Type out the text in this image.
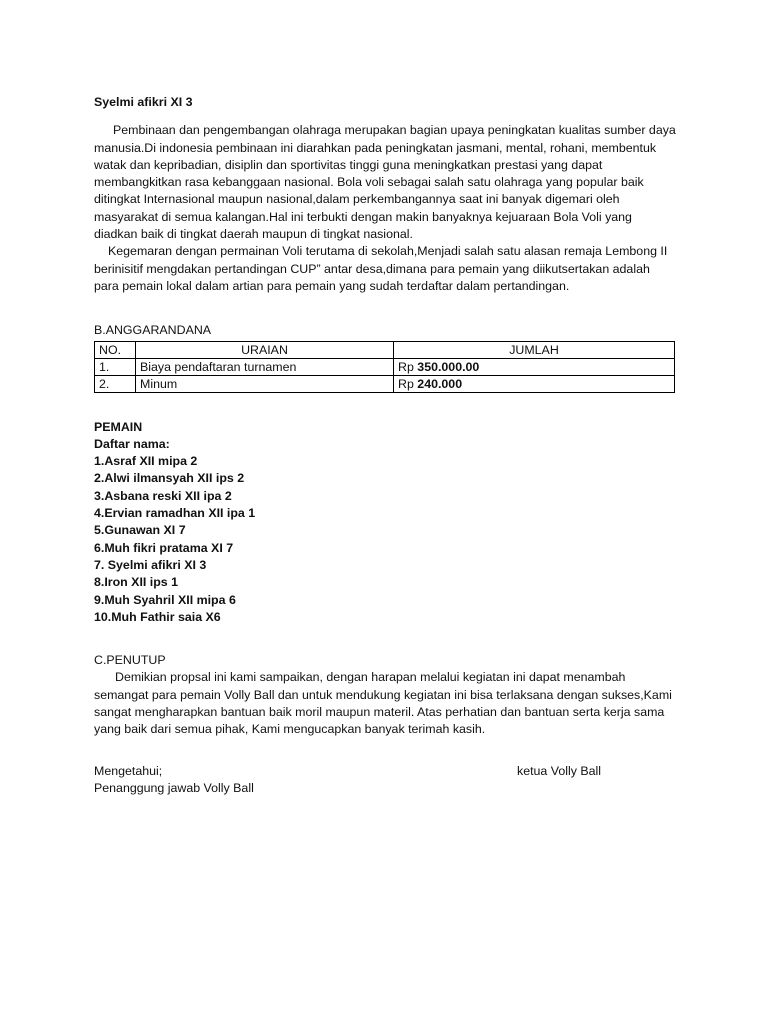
Syelmi afikri XI 3

Pembinaan dan pengembangan olahraga merupakan bagian upaya peningkatan kualitas sumber daya manusia.Di indonesia pembinaan ini diarahkan pada peningkatan jasmani, mental, rohani, membentuk watak dan kepribadian, disiplin dan sportivitas tinggi guna meningkatkan prestasi yang dapat membangkitkan rasa kebanggaan nasional. Bola voli sebagai salah satu olahraga yang popular baik ditingkat Internasional maupun nasional,dalam perkembangannya saat ini banyak digemari oleh masyarakat di semua kalangan.Hal ini terbukti dengan makin banyaknya kejuaraan Bola Voli yang diadkan baik di tingkat daerah maupun di tingkat nasional.

Kegemaran dengan permainan Voli terutama di sekolah,Menjadi salah satu alasan remaja Lembong II berinisitif mengdakan pertandingan CUP” antar desa,dimana para pemain yang diikutsertakan adalah para pemain lokal dalam artian para pemain yang sudah terdaftar dalam pertandingan.

B.ANGGARANDANA
NO.	URAIAN	JUMLAH
1.	Biaya pendaftaran turnamen	Rp 350.000.00
2.	Minum	Rp 240.000
PEMAIN
Daftar nama:
1.Asraf XII mipa 2
2.Alwi ilmansyah XII ips 2
3.Asbana reski XII ipa 2
4.Ervian ramadhan XII ipa 1
5.Gunawan XI 7
6.Muh fikri pratama XI 7
7. Syelmi afikri XI 3
8.Iron XII ips 1
9.Muh Syahril XII mipa 6
10.Muh Fathir saia X6
C.PENUTUP

Demikian propsal ini kami sampaikan, dengan harapan melalui kegiatan ini dapat menambah semangat para pemain Volly Ball dan untuk mendukung kegiatan ini bisa terlaksana dengan sukses,Kami sangat mengharapkan bantuan baik moril maupun materil. Atas perhatian dan bantuan serta kerja sama yang baik dari semua pihak, Kami mengucapkan banyak terimah kasih.

Mengetahui;
Penanggung jawab Volly Ball
ketua Volly Ball
